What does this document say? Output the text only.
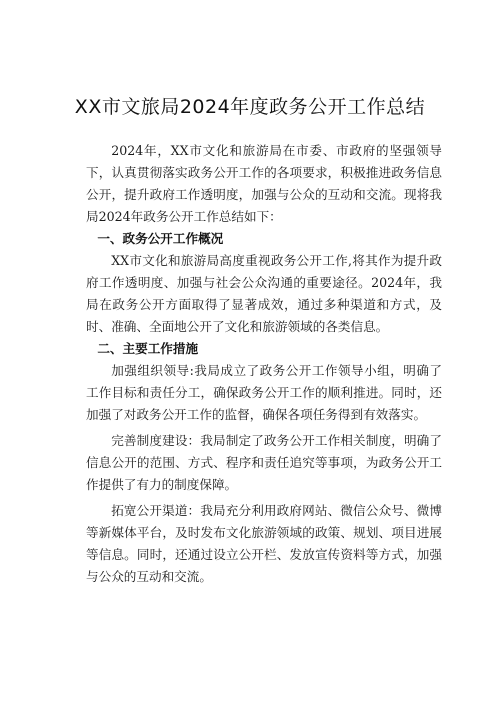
XX市文旅局2024年度政务公开工作总结

2024年，XX市文化和旅游局在市委、市政府的坚强领导下，认真贯彻落实政务公开工作的各项要求，积极推进政务信息公开，提升政府工作透明度，加强与公众的互动和交流。现将我局2024年政务公开工作总结如下：

一、政务公开工作概况

XX市文化和旅游局高度重视政务公开工作,将其作为提升政府工作透明度、加强与社会公众沟通的重要途径。2024年，我局在政务公开方面取得了显著成效，通过多种渠道和方式，及时、准确、全面地公开了文化和旅游领域的各类信息。

二、主要工作措施

加强组织领导:我局成立了政务公开工作领导小组，明确了工作目标和责任分工，确保政务公开工作的顺利推进。同时，还加强了对政务公开工作的监督，确保各项任务得到有效落实。

完善制度建设：我局制定了政务公开工作相关制度，明确了信息公开的范围、方式、程序和责任追究等事项，为政务公开工作提供了有力的制度保障。

拓宽公开渠道：我局充分利用政府网站、微信公众号、微博等新媒体平台，及时发布文化旅游领域的政策、规划、项目进展等信息。同时，还通过设立公开栏、发放宣传资料等方式，加强与公众的互动和交流。
